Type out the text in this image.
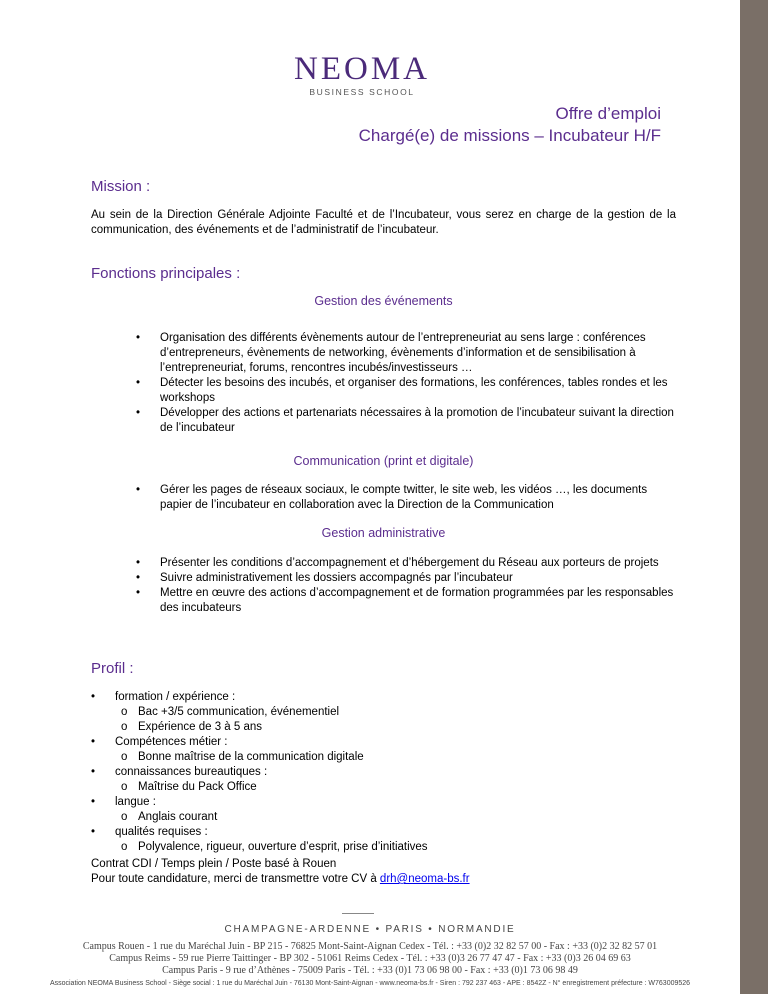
NEOMA
BUSINESS SCHOOL
Offre d’emploi
Chargé(e) de missions – Incubateur H/F
Mission :
Au sein de la Direction Générale Adjointe Faculté et de l’Incubateur, vous serez en charge de la gestion de la communication, des événements et de l’administratif de l’incubateur.
Fonctions principales :
Gestion des événements
• Organisation des différents évènements autour de l’entrepreneuriat au sens large : conférences d’entrepreneurs, évènements de networking, évènements d’information et de sensibilisation à l’entrepreneuriat, forums, rencontres incubés/investisseurs …
• Détecter les besoins des incubés, et organiser des formations, les conférences, tables rondes et les workshops
• Développer des actions et partenariats nécessaires à la promotion de l’incubateur suivant la direction de l’incubateur
Communication (print et digitale)
• Gérer les pages de réseaux sociaux, le compte twitter, le site web, les vidéos …, les documents papier de l’incubateur en collaboration avec la Direction de la Communication
Gestion administrative
• Présenter les conditions d’accompagnement et d’hébergement du Réseau aux porteurs de projets
• Suivre administrativement les dossiers accompagnés par l’incubateur
• Mettre en œuvre des actions d’accompagnement et de formation programmées par les responsables des incubateurs
Profil :
• formation / expérience :
o Bac +3/5 communication, événementiel
o Expérience de 3 à 5 ans
• Compétences métier :
o Bonne maîtrise de la communication digitale
• connaissances bureautiques :
o Maîtrise du Pack Office
• langue :
o Anglais courant
• qualités requises :
o Polyvalence, rigueur, ouverture d’esprit, prise d’initiatives
Contrat CDI / Temps plein / Poste basé à Rouen
Pour toute candidature, merci de transmettre votre CV à drh@neoma-bs.fr
CHAMPAGNE-ARDENNE • PARIS • NORMANDIE
Campus Rouen - 1 rue du Maréchal Juin - BP 215 - 76825 Mont-Saint-Aignan Cedex - Tél. : +33 (0)2 32 82 57 00 - Fax : +33 (0)2 32 82 57 01
Campus Reims - 59 rue Pierre Taittinger - BP 302 - 51061 Reims Cedex - Tél. : +33 (0)3 26 77 47 47 - Fax : +33 (0)3 26 04 69 63
Campus Paris - 9 rue d’Athènes - 75009 Paris - Tél. : +33 (0)1 73 06 98 00 - Fax : +33 (0)1 73 06 98 49
Association NEOMA Business School - Siège social : 1 rue du Maréchal Juin - 76130 Mont-Saint-Aignan - www.neoma-bs.fr - Siren : 792 237 463 - APE : 8542Z - N° enregistrement préfecture : W763009526
